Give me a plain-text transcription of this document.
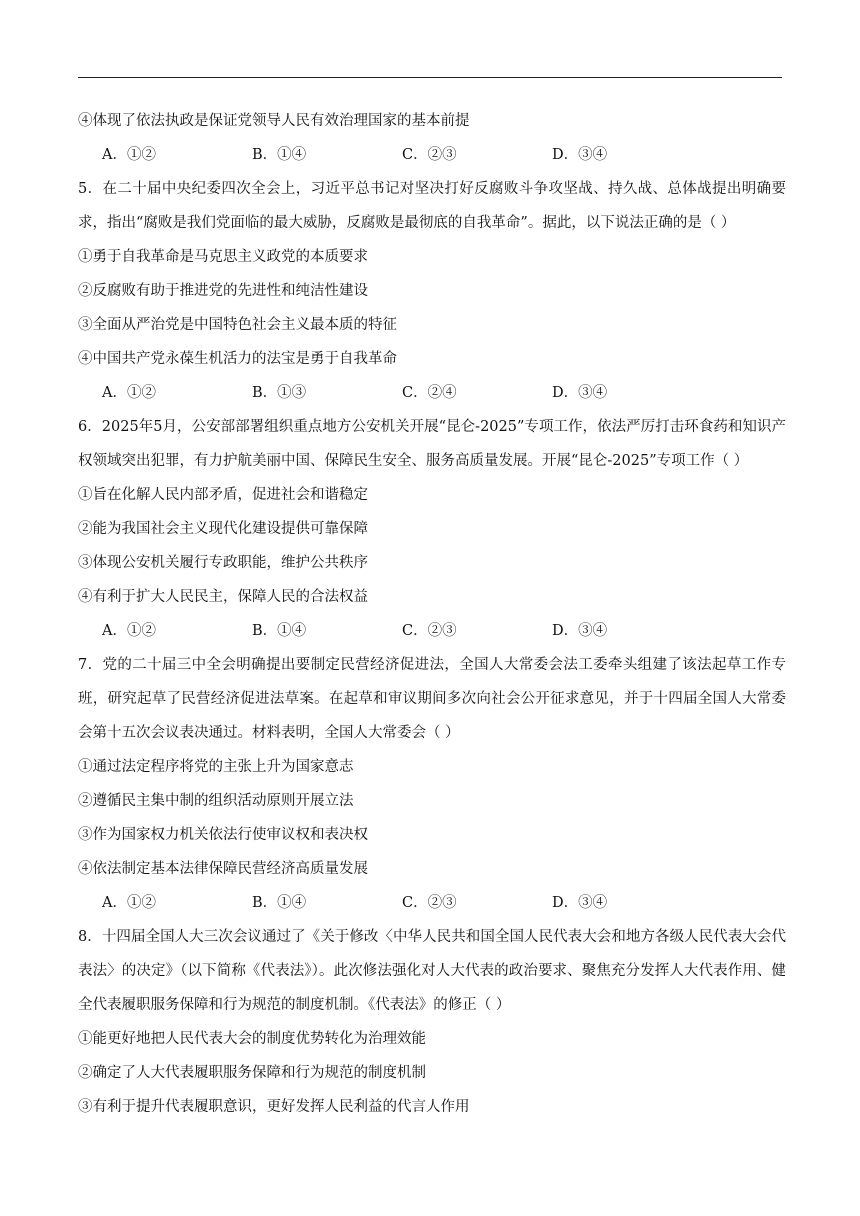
④体现了依法执政是保证党领导人民有效治理国家的基本前提
A．①②	B．①④	C．②③	D．③④
5．在二十届中央纪委四次全会上，习近平总书记对坚决打好反腐败斗争攻坚战、持久战、总体战提出明确要求，指出“腐败是我们党面临的最大威胁，反腐败是最彻底的自我革命”。据此，以下说法正确的是（ ）
①勇于自我革命是马克思主义政党的本质要求
②反腐败有助于推进党的先进性和纯洁性建设
③全面从严治党是中国特色社会主义最本质的特征
④中国共产党永葆生机活力的法宝是勇于自我革命
A．①②	B．①③	C．②④	D．③④
6．2025年5月，公安部部署组织重点地方公安机关开展“昆仑-2025”专项工作，依法严厉打击环食药和知识产权领域突出犯罪，有力护航美丽中国、保障民生安全、服务高质量发展。开展“昆仑-2025”专项工作（ ）
①旨在化解人民内部矛盾，促进社会和谐稳定
②能为我国社会主义现代化建设提供可靠保障
③体现公安机关履行专政职能，维护公共秩序
④有利于扩大人民民主，保障人民的合法权益
A．①②	B．①④	C．②③	D．③④
7．党的二十届三中全会明确提出要制定民营经济促进法，全国人大常委会法工委牵头组建了该法起草工作专班，研究起草了民营经济促进法草案。在起草和审议期间多次向社会公开征求意见，并于十四届全国人大常委会第十五次会议表决通过。材料表明，全国人大常委会（ ）
①通过法定程序将党的主张上升为国家意志
②遵循民主集中制的组织活动原则开展立法
③作为国家权力机关依法行使审议权和表决权
④依法制定基本法律保障民营经济高质量发展
A．①②	B．①④	C．②③	D．③④
8．十四届全国人大三次会议通过了《关于修改〈中华人民共和国全国人民代表大会和地方各级人民代表大会代表法〉的决定》（以下简称《代表法》）。此次修法强化对人大代表的政治要求、聚焦充分发挥人大代表作用、健全代表履职服务保障和行为规范的制度机制。《代表法》的修正（ ）
①能更好地把人民代表大会的制度优势转化为治理效能
②确定了人大代表履职服务保障和行为规范的制度机制
③有利于提升代表履职意识，更好发挥人民利益的代言人作用
